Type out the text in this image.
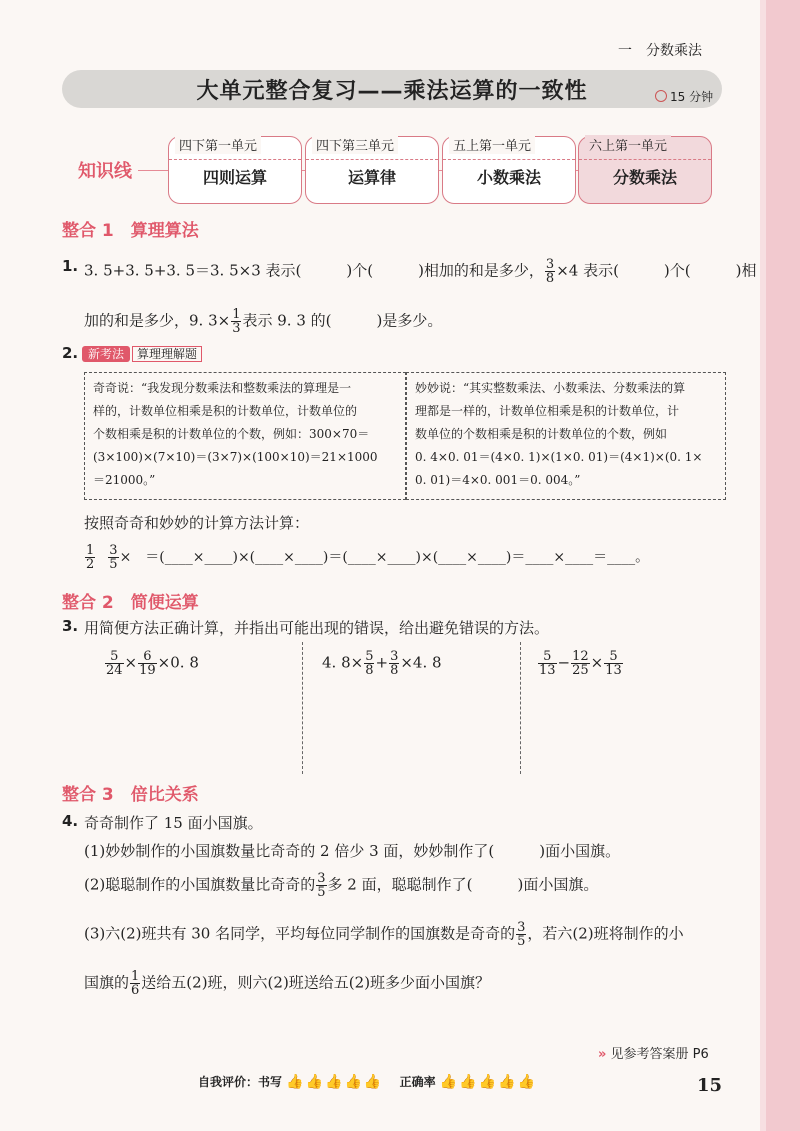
一　分数乘法
大单元整合复习——乘法运算的一致性	15 分钟
知识线
四下第一单元
四则运算
四下第三单元
运算律
五上第一单元
小数乘法
六上第一单元
分数乘法
整合 1　算理算法
1. 3. 5+3. 5+3. 5＝3. 5×3 表示(　　　)个(　　　)相加的和是多少， $\frac{3}{8} \times 4$ 表示(　　　)个(　　　)相
加的和是多少，9. $3\times \frac{1}{3}$ 表示 9. 3 的(　　　)是多少。
2. 新考法 算理理解题
奇奇说：“我发现分数乘法和整数乘法的算理是一
样的，计数单位相乘是积的计数单位，计数单位的
个数相乘是积的计数单位的个数，例如：300×70＝
(3×100)×(7×10)＝(3×7)×(100×10)＝21×1000
＝21000。”
妙妙说：“其实整数乘法、小数乘法、分数乘法的算
理都是一样的，计数单位相乘是积的计数单位，计
数单位的个数相乘是积的计数单位的个数，例如
0. 4×0. 01＝(4×0. 1)×(1×0. 01)＝(4×1)×(0. 1×
0. 01)＝4×0. 001＝0. 004。”
按照奇奇和妙妙的计算方法计算：
$\frac{1}{2} \frac{3}{5}$ ×　＝(____×____)×(____×____)＝(____×____)×(____×____)＝____×____＝____。
整合 2　简便运算
3. 用简便方法正确计算，并指出可能出现的错误，给出避免错误的方法。
$\frac{5}{24} \times \frac{6}{19} \times 0$. 8	4. $8\times \frac{5}{8} + \frac{3}{8} \times 4$. 8	$\frac{5}{13} - \frac{12}{25} \times \frac{5}{13}$
整合 3　倍比关系
4. 奇奇制作了 15 面小国旗。
(1)妙妙制作的小国旗数量比奇奇的 2 倍少 3 面，妙妙制作了(　　　)面小国旗。
(2)聪聪制作的小国旗数量比奇奇的 $\frac{3}{5}$ 多 2 面，聪聪制作了(　　　)面小国旗。
(3)六(2)班共有 30 名同学，平均每位同学制作的国旗数是奇奇的 $\frac{3}{5}$ ，若六(2)班将制作的小
国旗的 $\frac{1}{6}$ 送给五(2)班，则六(2)班送给五(2)班多少面小国旗？
» 见参考答案册 P6
自我评价：书写 👍👍👍👍👍 　 正确率 👍👍👍👍👍	15
